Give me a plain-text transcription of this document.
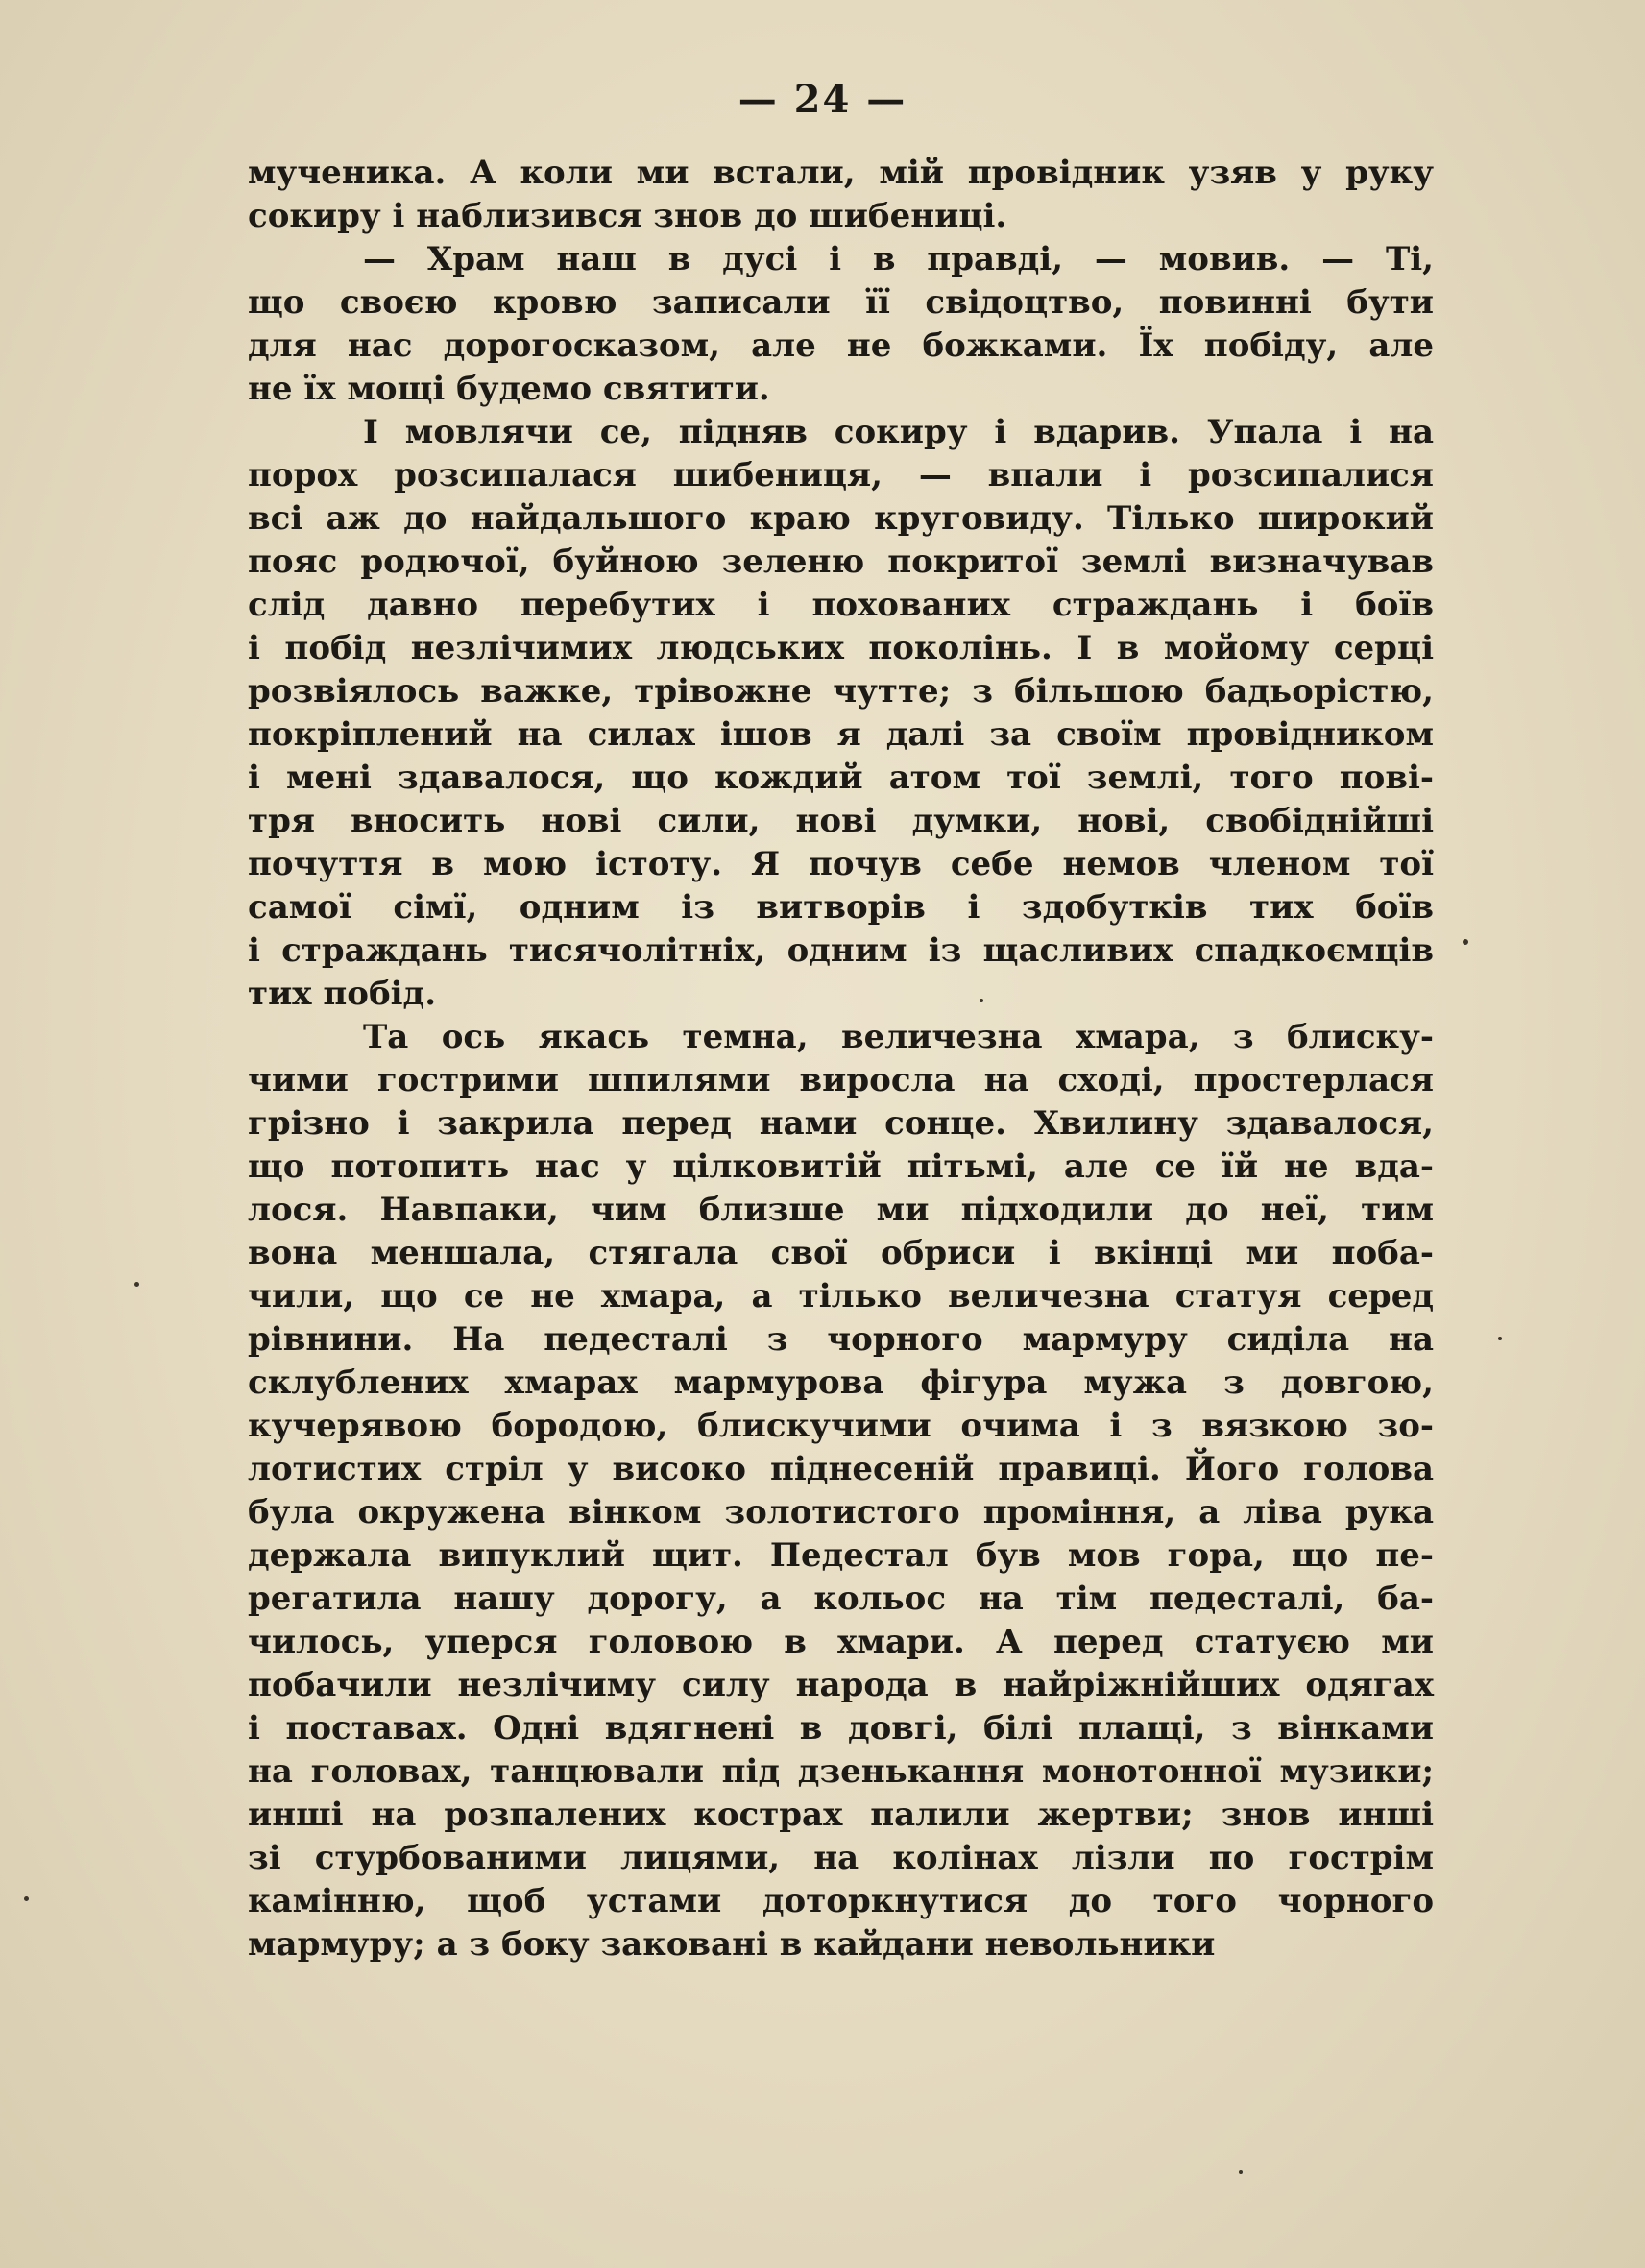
— 24 —
мученика. А коли ми встали, мій провідник узяв у руку
сокиру і наблизився знов до шибениці.
— Храм наш в дусі і в правді, — мовив. — Ті,
що своєю кровю записали її свідоцтво, повинні бути
для нас дорогосказом, але не божками. Їх побіду, але
не їх мощі будемо святити.
І мовлячи се, підняв сокиру і вдарив. Упала і на
порох розсипалася шибениця, — впали і розсипалися
всі аж до найдальшого краю круговиду. Тілько широкий
пояс родючої, буйною зеленю покритої землі визначував
слід давно перебутих і похованих страждань і боїв
і побід незлічимих людських поколінь. І в мойому серці
розвіялось важке, трівожне чутте; з більшою бадьорістю,
покріплений на силах ішов я далі за своїм провідником
і мені здавалося, що кождий атом тої землі, того пові-
тря вносить нові сили, нові думки, нові, свобіднійші
почуття в мою істоту. Я почув себе немов членом тої
самої сімї, одним із витворів і здобутків тих боїв
і страждань тисячолітніх, одним із щасливих спадкоємців
тих побід.
Та ось якась темна, величезна хмара, з блиску-
чими гострими шпилями виросла на сході, простерлася
грізно і закрила перед нами сонце. Хвилину здавалося,
що потопить нас у цілковитій пітьмі, але се їй не вда-
лося. Навпаки, чим близше ми підходили до неї, тим
вона меншала, стягала свої обриси і вкінці ми поба-
чили, що се не хмара, а тілько величезна статуя серед
рівнини. На педесталі з чорного мармуру сиділа на
склублених хмарах мармурова фігура мужа з довгою,
кучерявою бородою, блискучими очима і з вязкою зо-
лотистих стріл у високо піднесеній правиці. Його голова
була окружена вінком золотистого проміння, а ліва рука
держала випуклий щит. Педестал був мов гора, що пе-
регатила нашу дорогу, а кольос на тім педесталі, ба-
чилось, уперся головою в хмари. А перед статуєю ми
побачили незлічиму силу народа в найріжнійших одягах
і поставах. Одні вдягнені в довгі, білі плащі, з вінками
на головах, танцювали під дзенькання монотонної музики;
инші на розпалених кострах палили жертви; знов инші
зі стурбованими лицями, на колінах лізли по гострім
камінню, щоб устами доторкнутися до того чорного
мармуру; а з боку заковані в кайдани невольники
